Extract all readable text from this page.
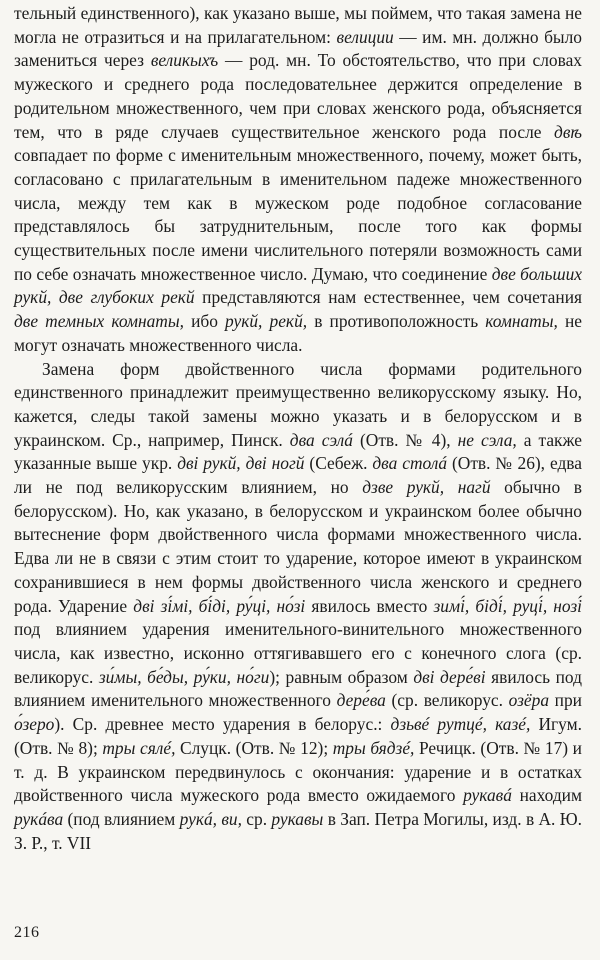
тельный единственного), как указано выше, мы поймем, что такая замена не могла не отразиться и на прилагательном: велиции — им. мн. должно было замениться через великыхъ — род. мн. То обстоятельство, что при словах мужеского и среднего рода последовательнее держится определение в родительном множественного, чем при словах женского рода, объясняется тем, что в ряде случаев существительное женского рода после двѣ совпадает по форме с именительным множественного, почему, может быть, согласовано с прилагательным в именительном падеже множественного числа, между тем как в мужеском роде подобное согласование представлялось бы затруднительным, после того как формы существительных после имени числительного потеряли возможность сами по себе означать множественное число. Думаю, что соединение две больших рукй, две глубоких рекй представляются нам естественнее, чем сочетания две темных комнаты, ибо рукй, рекй, в противоположность комнаты, не могут означать множественного числа.

Замена форм двойственного числа формами родительного единственного принадлежит преимущественно великорусскому языку. Но, кажется, следы такой замены можно указать и в белорусском и в украинском. Ср., например, Пинск. два сэлá (Отв. № 4), не сэла, а также указанные выше укр. дві рукй, дві ногй (Себеж. два столá (Отв. № 26), едва ли не под великорусским влиянием, но дзве рукй, нагй обычно в белорусском). Но, как указано, в белорусском и украинском более обычно вытеснение форм двойственного числа формами множественного числа. Едва ли не в связи с этим стоит то ударение, которое имеют в украинском сохранившиеся в нем формы двойственного числа женского и среднего рода. Ударение дві зі́мі, бі́ді, ру́ці, но́зі явилось вместо зимі́, біді́, руці́, нозі́ под влиянием ударения именительного-винительного множественного числа, как известно, исконно оттягивавшего его с конечного слога (ср. великорус. зи́мы, бе́ды, ру́ки, но́ги); равным образом дві дере́ві явилось под влиянием именительного множественного дере́ва (ср. великорус. озёра при о́зеро). Ср. древнее место ударения в белорус.: дзьвé рутцé, казé, Игум. (Отв. № 8); тры сялé, Слуцк. (Отв. № 12); тры бядзé, Речицк. (Отв. № 17) и т. д. В украинском передвинулось с окончания: ударение и в остатках двойственного числа мужеского рода вместо ожидаемого рукавá находим рукáва (под влиянием рукá, ви, ср. рукавы в Зап. Петра Могилы, изд. в А. Ю. З. Р., т. VII

216
